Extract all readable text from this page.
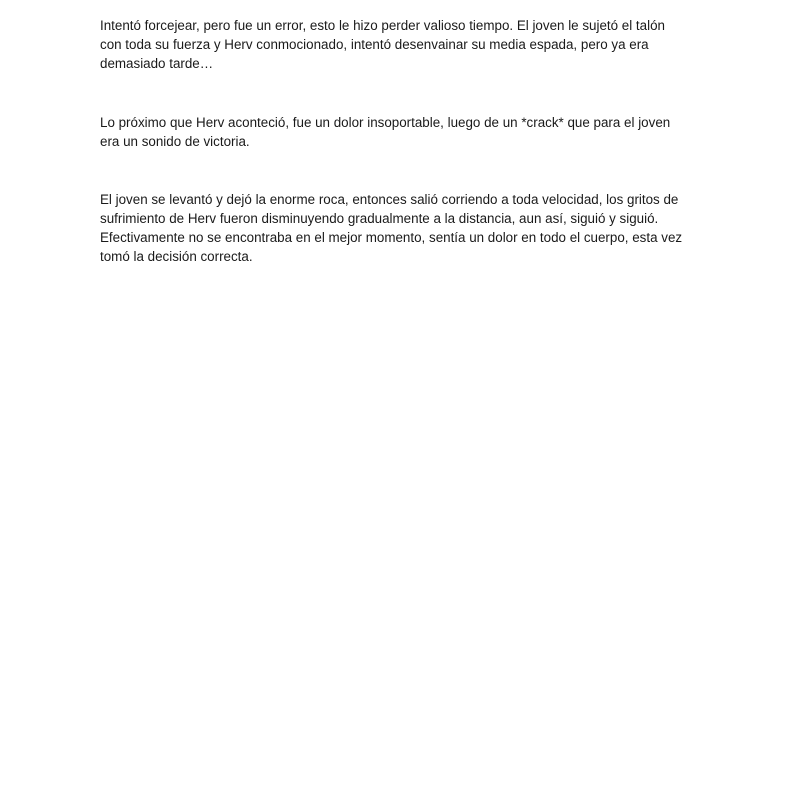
Intentó forcejear, pero fue un error, esto le hizo perder valioso tiempo. El joven le sujetó el talón
con toda su fuerza y Herv conmocionado, intentó desenvainar su media espada, pero ya era
demasiado tarde…

Lo próximo que Herv aconteció, fue un dolor insoportable, luego de un *crack* que para el joven
era un sonido de victoria.

El joven se levantó y dejó la enorme roca, entonces salió corriendo a toda velocidad, los gritos de
sufrimiento de Herv fueron disminuyendo gradualmente a la distancia, aun así, siguió y siguió.
Efectivamente no se encontraba en el mejor momento, sentía un dolor en todo el cuerpo, esta vez
tomó la decisión correcta.
